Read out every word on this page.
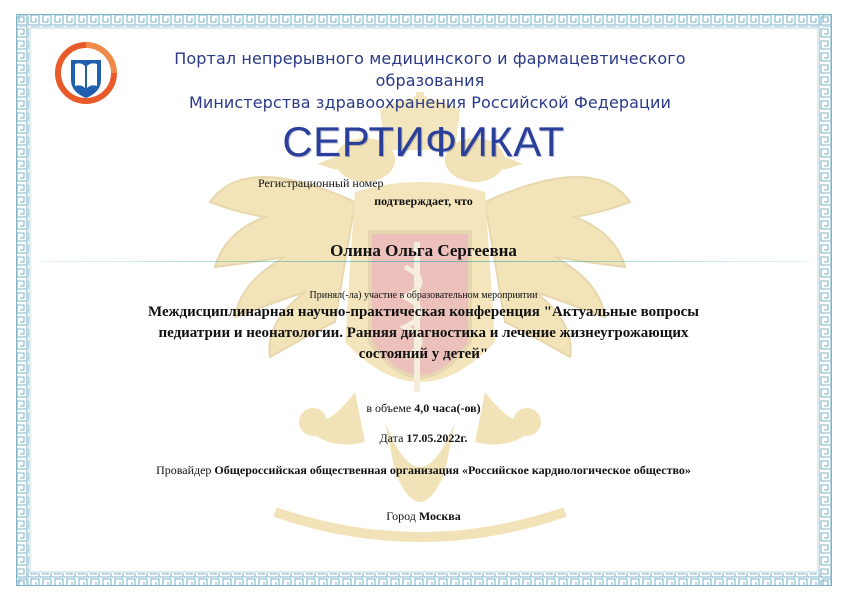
Портал непрерывного медицинского и фармацевтического образования
Министерства здравоохранения Российской Федерации
СЕРТИФИКАТ
Регистрационный номер
подтверждает, что
Олина Ольга Сергеевна
Принял(-ла) участие в образовательном мероприятии
Междисциплинарная научно-практическая конференция "Актуальные вопросы педиатрии и неонатологии. Ранняя диагностика и лечение жизнеугрожающих состояний у детей"
в объеме 4,0 часа(-ов)
Дата 17.05.2022г.
Провайдер Общероссийская общественная организация «Российское кардиологическое общество»
Город Москва
